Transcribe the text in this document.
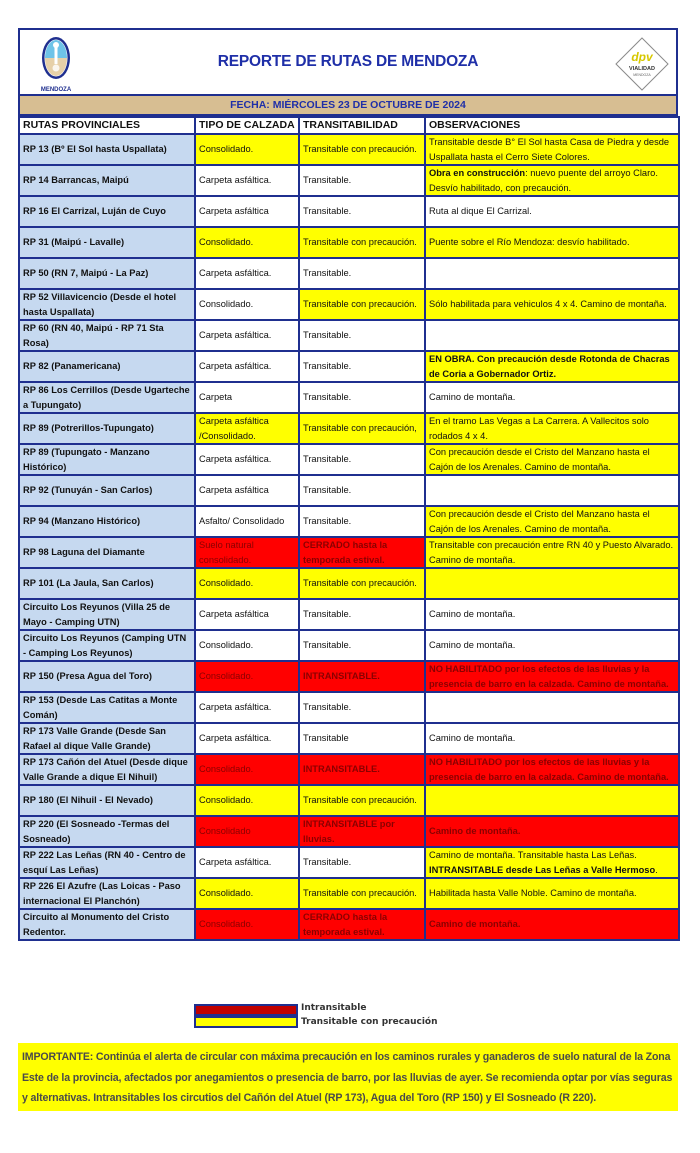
MENDOZA
REPORTE DE RUTAS DE MENDOZA	dpv
VIALIDAD
MENDOZA
FECHA: MIÉRCOLES 23 DE OCTUBRE DE 2024
RUTAS PROVINCIALES	TIPO DE CALZADA	TRANSITABILIDAD	OBSERVACIONES
RP 13 (Bº El Sol hasta Uspallata)	Consolidado.	Transitable con precaución.	Transitable desde B° El Sol hasta Casa de Piedra y desde Uspallata hasta el Cerro Siete Colores.
RP 14 Barrancas, Maipú	Carpeta asfáltica.	Transitable.	Obra en construcción: nuevo puente del arroyo Claro. Desvío habilitado, con precaución.
RP 16 El Carrizal, Luján de Cuyo	Carpeta asfáltica	Transitable.	Ruta al dique El Carrizal.
RP 31 (Maipú - Lavalle)	Consolidado.	Transitable con precaución.	Puente sobre el Río Mendoza: desvío habilitado.
RP 50 (RN 7, Maipú - La Paz)	Carpeta asfáltica.	Transitable.	
RP 52 Villavicencio (Desde el hotel hasta Uspallata)	Consolidado.	Transitable con precaución.	Sólo habilitada para vehiculos 4 x 4. Camino de montaña.
RP 60 (RN 40, Maipú - RP 71 Sta Rosa)	Carpeta asfáltica.	Transitable.	
RP 82 (Panamericana)	Carpeta asfáltica.	Transitable.	EN OBRA. Con precaución desde Rotonda de Chacras de Coria a Gobernador Ortiz.
RP 86 Los Cerrillos (Desde Ugarteche a Tupungato)	Carpeta	Transitable.	Camino de montaña.
RP 89 (Potrerillos-Tupungato)	Carpeta asfáltica /Consolidado.	Transitable con precaución,	En el tramo Las Vegas a La Carrera. A Vallecitos solo rodados 4 x 4.
RP 89 (Tupungato - Manzano Histórico)	Carpeta asfáltica.	Transitable.	Con precaución desde el Cristo del Manzano hasta el Cajón de los Arenales. Camino de montaña.
RP 92 (Tunuyán - San Carlos)	Carpeta asfáltica	Transitable.	
RP 94 (Manzano Histórico)	Asfalto/ Consolidado	Transitable.	Con precaución desde el Cristo del Manzano hasta el Cajón de los Arenales. Camino de montaña.
RP 98 Laguna del Diamante	Suelo natural consolidado.	CERRADO hasta la temporada estival.	Transitable con precaución entre RN 40 y Puesto Alvarado. Camino de montaña.
RP 101 (La Jaula, San Carlos)	Consolidado.	Transitable con precaución.	
Circuito Los Reyunos (Villa 25 de Mayo - Camping UTN)	Carpeta asfáltica	Transitable.	Camino de montaña.
Circuito Los Reyunos (Camping UTN - Camping Los Reyunos)	Consolidado.	Transitable.	Camino de montaña.
RP 150 (Presa Agua del Toro)	Consolidado.	INTRANSITABLE.	NO HABILITADO por los efectos de las lluvias y la presencia de barro en la calzada. Camino de montaña.
RP 153 (Desde Las Catitas a Monte Comán)	Carpeta asfáltica.	Transitable.	
RP 173 Valle Grande (Desde San Rafael al dique Valle Grande)	Carpeta asfáltica.	Transitable	Camino de montaña.
RP 173 Cañón del Atuel (Desde dique Valle Grande a dique El Nihuil)	Consolidado.	INTRANSITABLE.	NO HABILITADO por los efectos de las lluvias y la presencia de barro en la calzada. Camino de montaña.
RP 180 (El Nihuil - El Nevado)	Consolidado.	Transitable con precaución.	
RP 220 (El Sosneado -Termas del Sosneado)	Consolidado	INTRANSITABLE por lluvias.	Camino de montaña.
RP 222 Las Leñas (RN 40 - Centro de esquí Las Leñas)	Carpeta asfáltica.	Transitable.	Camino de montaña. Transitable hasta Las Leñas. INTRANSITABLE desde Las Leñas a Valle Hermoso.
RP 226 El Azufre (Las Loicas - Paso internacional El Planchón)	Consolidado.	Transitable con precaución.	Habilitada hasta Valle Noble. Camino de montaña.
Circuito al Monumento del Cristo Redentor.	Consolidado.	CERRADO hasta la temporada estival.	Camino de montaña.
Intransitable
Transitable con precaución
IMPORTANTE: Continúa el alerta de circular con máxima precaución en los caminos rurales y ganaderos de suelo natural de la Zona Este de la provincia, afectados por anegamientos o presencia de barro, por las lluvias de ayer. Se recomienda optar por vías seguras y alternativas. Intransitables los circutios del Cañón del Atuel (RP 173), Agua del Toro (RP 150) y El Sosneado (R 220).
